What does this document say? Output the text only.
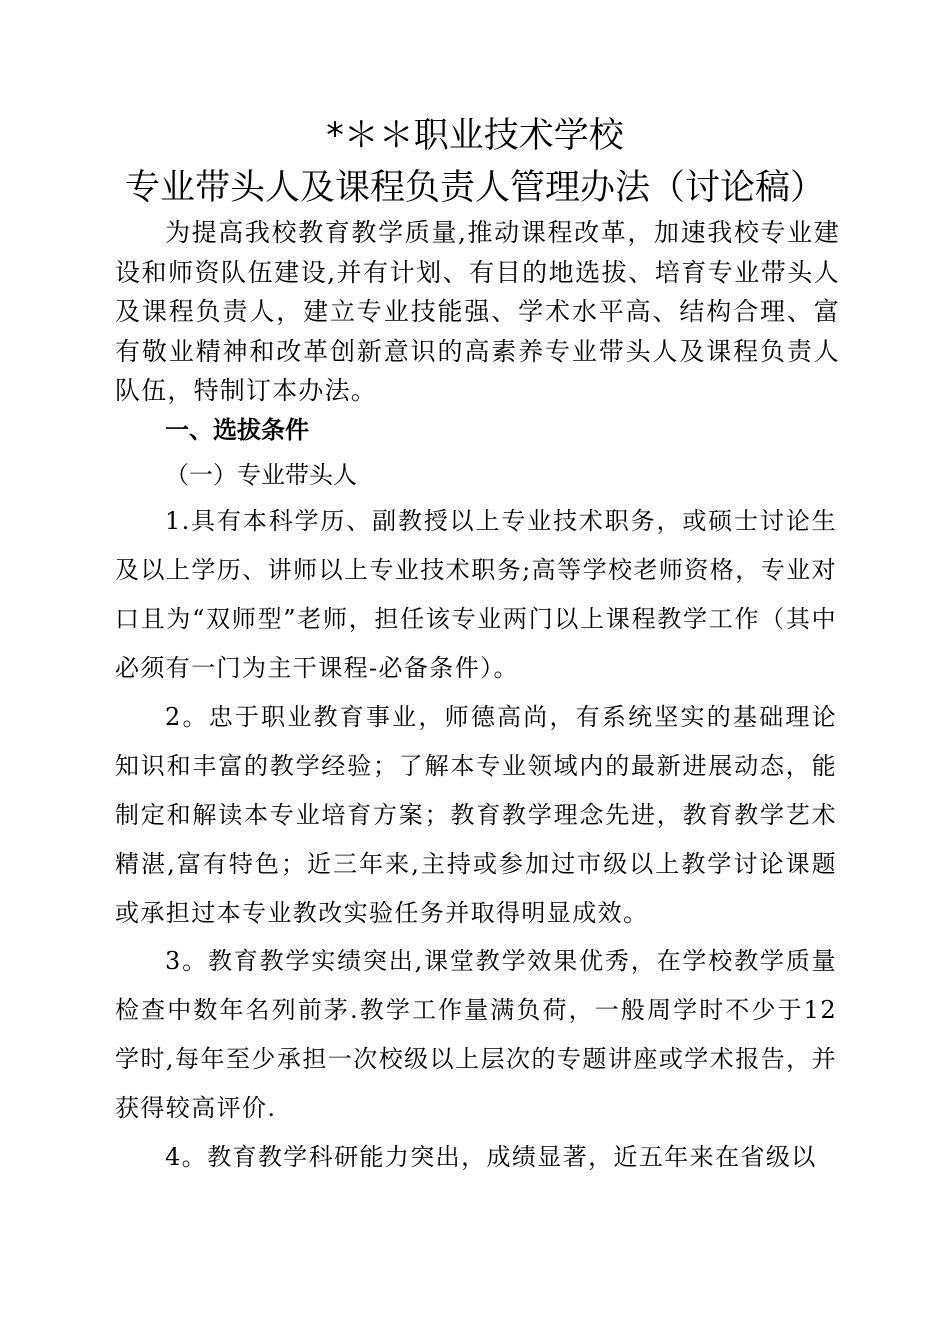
*＊＊职业技术学校
专业带头人及课程负责人管理办法（讨论稿）

为提高我校教育教学质量,推动课程改革，加速我校专业建设和师资队伍建设,并有计划、有目的地选拔、培育专业带头人及课程负责人，建立专业技能强、学术水平高、结构合理、富有敬业精神和改革创新意识的高素养专业带头人及课程负责人队伍，特制订本办法。

一、选拔条件

（一）专业带头人

1.具有本科学历、副教授以上专业技术职务，或硕士讨论生及以上学历、讲师以上专业技术职务;高等学校老师资格，专业对口且为“双师型”老师，担任该专业两门以上课程教学工作（其中必须有一门为主干课程-必备条件）。

2。忠于职业教育事业，师德高尚，有系统坚实的基础理论知识和丰富的教学经验；了解本专业领域内的最新进展动态，能制定和解读本专业培育方案；教育教学理念先进，教育教学艺术精湛,富有特色；近三年来,主持或参加过市级以上教学讨论课题或承担过本专业教改实验任务并取得明显成效。

3。教育教学实绩突出,课堂教学效果优秀，在学校教学质量检查中数年名列前茅.教学工作量满负荷，一般周学时不少于12学时,每年至少承担一次校级以上层次的专题讲座或学术报告，并获得较高评价.

4。教育教学科研能力突出，成绩显著，近五年来在省级以
